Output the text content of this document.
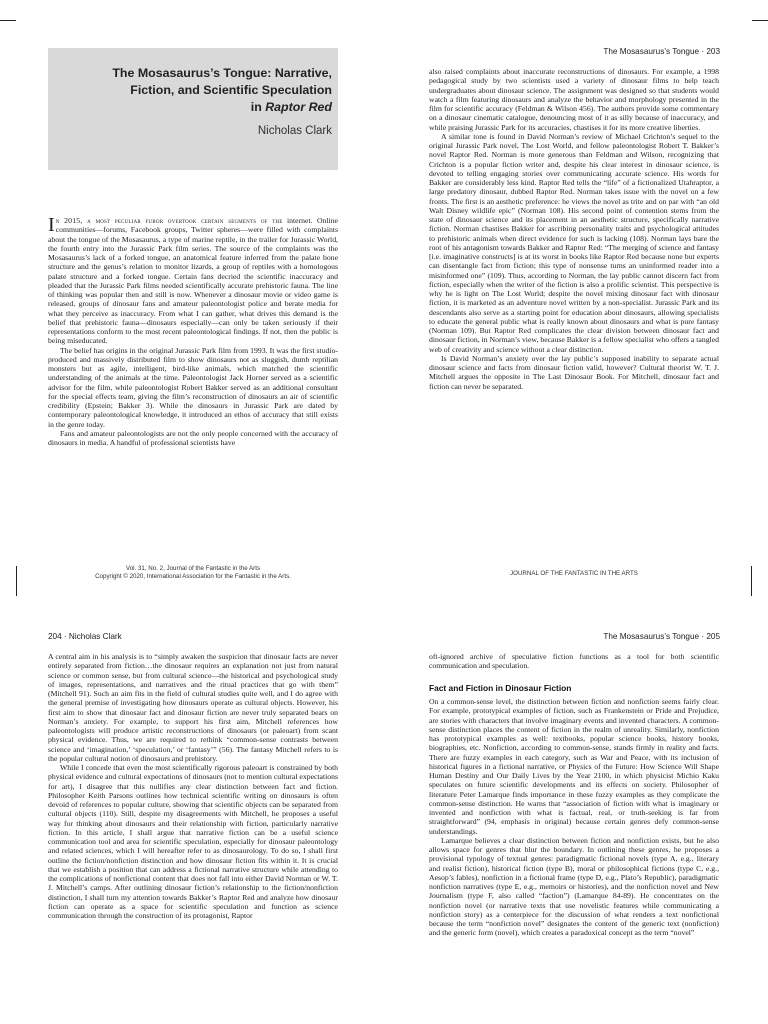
The Mosasaurus’s Tongue · 203
The Mosasaurus’s Tongue: Narrative,
Fiction, and Scientific Speculation
in Raptor Red
Nicholas Clark

In 2015, a most peculiar furor overtook certain segments of the internet. Online communities—forums, Facebook groups, Twitter spheres—were filled with complaints about the tongue of the Mosasaurus, a type of marine reptile, in the trailer for Jurassic World, the fourth entry into the Jurassic Park film series. The source of the complaints was the Mosasaurus’s lack of a forked tongue, an anatomical feature inferred from the palate bone structure and the genus’s relation to monitor lizards, a group of reptiles with a homologous palate structure and a forked tongue. Certain fans decried the scientific inaccuracy and pleaded that the Jurassic Park films needed scientifically accurate prehistoric fauna. The line of thinking was popular then and still is now. Whenever a dinosaur movie or video game is released, groups of dinosaur fans and amateur paleontologist police and berate media for what they perceive as inaccuracy. From what I can gather, what drives this demand is the belief that prehistoric fauna—dinosaurs especially—can only be taken seriously if their representations conform to the most recent paleontological findings. If not, then the public is being miseducated.

The belief has origins in the original Jurassic Park film from 1993. It was the first studio-produced and massively distributed film to show dinosaurs not as sluggish, dumb reptilian monsters but as agile, intelligent, bird-like animals, which matched the scientific understanding of the animals at the time. Paleontologist Jack Horner served as a scientific advisor for the film, while paleontologist Robert Bakker served as an additional consultant for the special effects team, giving the film’s reconstruction of dinosaurs an air of scientific credibility (Epstein; Bakker 3). While the dinosaurs in Jurassic Park are dated by contemporary paleontological knowledge, it introduced an ethos of accuracy that still exists in the genre today.

Fans and amateur paleontologists are not the only people concerned with the accuracy of dinosaurs in media. A handful of professional scientists have

Vol. 31, No. 2, Journal of the Fantastic in the Arts
Copyright © 2020, International Association for the Fantastic in the Arts.

also raised complaints about inaccurate reconstructions of dinosaurs. For example, a 1998 pedagogical study by two scientists used a variety of dinosaur films to help teach undergraduates about dinosaur science. The assignment was designed so that students would watch a film featuring dinosaurs and analyze the behavior and morphology presented in the film for scientific accuracy (Feldman & Wilson 456). The authors provide some commentary on a dinosaur cinematic catalogue, denouncing most of it as silly because of inaccuracy, and while praising Jurassic Park for its accuracies, chastises it for its more creative liberties.

A similar tone is found in David Norman’s review of Michael Crichton’s sequel to the original Jurassic Park novel, The Lost World, and fellow paleontologist Robert T. Bakker’s novel Raptor Red. Norman is more generous than Feldman and Wilson, recognizing that Crichton is a popular fiction writer and, despite his clear interest in dinosaur science, is devoted to telling engaging stories over communicating accurate science. His words for Bakker are considerably less kind. Raptor Red tells the “life” of a fictionalized Utahraptor, a large predatory dinosaur, dubbed Raptor Red. Norman takes issue with the novel on a few fronts. The first is an aesthetic preference: he views the novel as trite and on par with “an old Walt Disney wildlife epic” (Norman 108). His second point of contention stems from the state of dinosaur science and its placement in an aesthetic structure, specifically narrative fiction. Norman chastises Bakker for ascribing personality traits and psychological attitudes to prehistoric animals when direct evidence for such is lacking (108). Norman lays bare the root of his antagonism towards Bakker and Raptor Red: “The merging of science and fantasy [i.e. imaginative constructs] is at its worst in books like Raptor Red because none but experts can disentangle fact from fiction; this type of nonsense turns an uninformed reader into a misinformed one” (109). Thus, according to Norman, the lay public cannot discern fact from fiction, especially when the writer of the fiction is also a prolific scientist. This perspective is why he is light on The Lost World; despite the novel mixing dinosaur fact with dinosaur fiction, it is marketed as an adventure novel written by a non-specialist. Jurassic Park and its descendants also serve as a starting point for education about dinosaurs, allowing specialists to educate the general public what is really known about dinosaurs and what is pure fantasy (Norman 109). But Raptor Red complicates the clear division between dinosaur fact and dinosaur fiction, in Norman’s view, because Bakker is a fellow specialist who offers a tangled web of creativity and science without a clear distinction.

Is David Norman’s anxiety over the lay public’s supposed inability to separate actual dinosaur science and facts from dinosaur fiction valid, however? Cultural theorist W. T. J. Mitchell argues the opposite in The Last Dinosaur Book. For Mitchell, dinosaur fact and fiction can never be separated.

JOURNAL OF THE FANTASTIC IN THE ARTS
204 · Nicholas Clark

A central aim in his analysis is to “simply awaken the suspicion that dinosaur facts are never entirely separated from fiction…the dinosaur requires an explanation not just from natural science or common sense, but from cultural science—the historical and psychological study of images, representations, and narratives and the ritual practices that go with them” (Mitchell 91). Such an aim fits in the field of cultural studies quite well, and I do agree with the general premise of investigating how dinosaurs operate as cultural objects. However, his first aim to show that dinosaur fact and dinosaur fiction are never truly separated bears on Norman’s anxiety. For example, to support his first aim, Mitchell references how paleontologists will produce artistic reconstructions of dinosaurs (or paleoart) from scant physical evidence. Thus, we are required to rethink “common-sense contrasts between science and ‘imagination,’ ‘speculation,’ or ‘fantasy’” (56). The fantasy Mitchell refers to is the popular cultural notion of dinosaurs and prehistory.

While I concede that even the most scientifically rigorous paleoart is constrained by both physical evidence and cultural expectations of dinosaurs (not to mention cultural expectations for art), I disagree that this nullifies any clear distinction between fact and fiction. Philosopher Keith Parsons outlines how technical scientific writing on dinosaurs is often devoid of references to popular culture, showing that scientific objects can be separated from cultural objects (110). Still, despite my disagreements with Mitchell, he proposes a useful way for thinking about dinosaurs and their relationship with fiction, particularly narrative fiction. In this article, I shall argue that narrative fiction can be a useful science communication tool and area for scientific speculation, especially for dinosaur paleontology and related sciences, which I will hereafter refer to as dinosaurology. To do so, I shall first outline the fiction/nonfiction distinction and how dinosaur fiction fits within it. It is crucial that we establish a position that can address a fictional narrative structure while attending to the complications of nonfictional content that does not fall into either David Norman or W. T. J. Mitchell’s camps. After outlining dinosaur fiction’s relationship to the fiction/nonfiction distinction, I shall turn my attention towards Bakker’s Raptor Red and analyze how dinosaur fiction can operate as a space for scientific speculation and function as science communication through the construction of its protagonist, Raptor

The Mosasaurus’s Tongue · 205

oft-ignored archive of speculative fiction functions as a tool for both scientific communication and speculation.

Fact and Fiction in Dinosaur Fiction

On a common-sense level, the distinction between fiction and nonfiction seems fairly clear. For example, prototypical examples of fiction, such as Frankenstein or Pride and Prejudice, are stories with characters that involve imaginary events and invented characters. A common-sense distinction places the content of fiction in the realm of unreality. Similarly, nonfiction has prototypical examples as well: textbooks, popular science books, history books, biographies, etc. Nonfiction, according to common-sense, stands firmly in reality and facts. There are fuzzy examples in each category, such as War and Peace, with its inclusion of historical figures in a fictional narrative, or Physics of the Future: How Science Will Shape Human Destiny and Our Daily Lives by the Year 2100, in which physicist Michio Kaku speculates on future scientific developments and its effects on society. Philosopher of literature Peter Lamarque finds importance in these fuzzy examples as they complicate the common-sense distinction. He warns that “association of fiction with what is imaginary or invented and nonfiction with what is factual, real, or truth-seeking is far from straightforward” (94, emphasis in original) because certain genres defy common-sense understandings.

Lamarque believes a clear distinction between fiction and nonfiction exists, but he also allows space for genres that blur the boundary. In outlining these genres, he proposes a provisional typology of textual genres: paradigmatic fictional novels (type A, e.g., literary and realist fiction), historical fiction (type B), moral or philosophical fictions (type C, e.g., Aesop’s fables), nonfiction in a fictional frame (type D, e.g., Plato’s Republic), paradigmatic nonfiction narratives (type E, e.g., memoirs or histories), and the nonfiction novel and New Journalism (type F, also called “faction”) (Lamarque 84-89). He concentrates on the nonfiction novel (or narrative texts that use novelistic features while communicating a nonfiction story) as a centerpiece for the discussion of what renders a text nonfictional because the term “nonfiction novel” designates the content of the generic text (nonfiction) and the generic form (novel), which creates a paradoxical concept as the term “novel”
